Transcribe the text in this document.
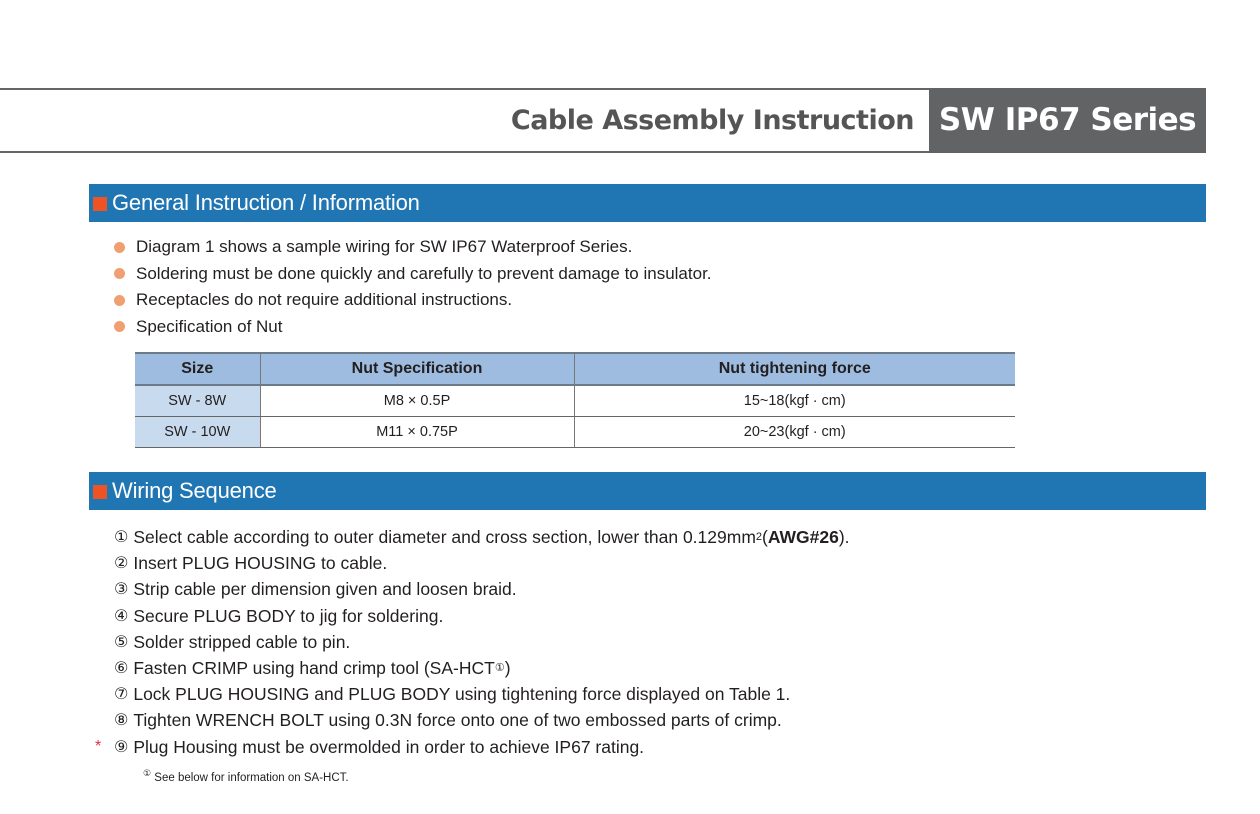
Cable Assembly Instruction SW IP67 Series
General Instruction / Information
Diagram 1 shows a sample wiring for SW IP67 Waterproof Series.
Soldering must be done quickly and carefully to prevent damage to insulator.
Receptacles do not require additional instructions.
Specification of Nut
Size	Nut Specification	Nut tightening force
SW - 8W	M8 × 0.5P	15~18(kgf · cm)
SW - 10W	M11 × 0.75P	20~23(kgf · cm)
Wiring Sequence
① Select cable according to outer diameter and cross section, lower than 0.129mm 2 ( AWG#26 ).
② Insert PLUG HOUSING to cable.
③ Strip cable per dimension given and loosen braid.
④ Secure PLUG BODY to jig for soldering.
⑤ Solder stripped cable to pin.
⑥ Fasten CRIMP using hand crimp tool (SA-HCT ① )
⑦ Lock PLUG HOUSING and PLUG BODY using tightening force displayed on Table 1.
⑧ Tighten WRENCH BOLT using 0.3N force onto one of two embossed parts of crimp.
* ⑨ Plug Housing must be overmolded in order to achieve IP67 rating.
① See below for information on SA-HCT.
